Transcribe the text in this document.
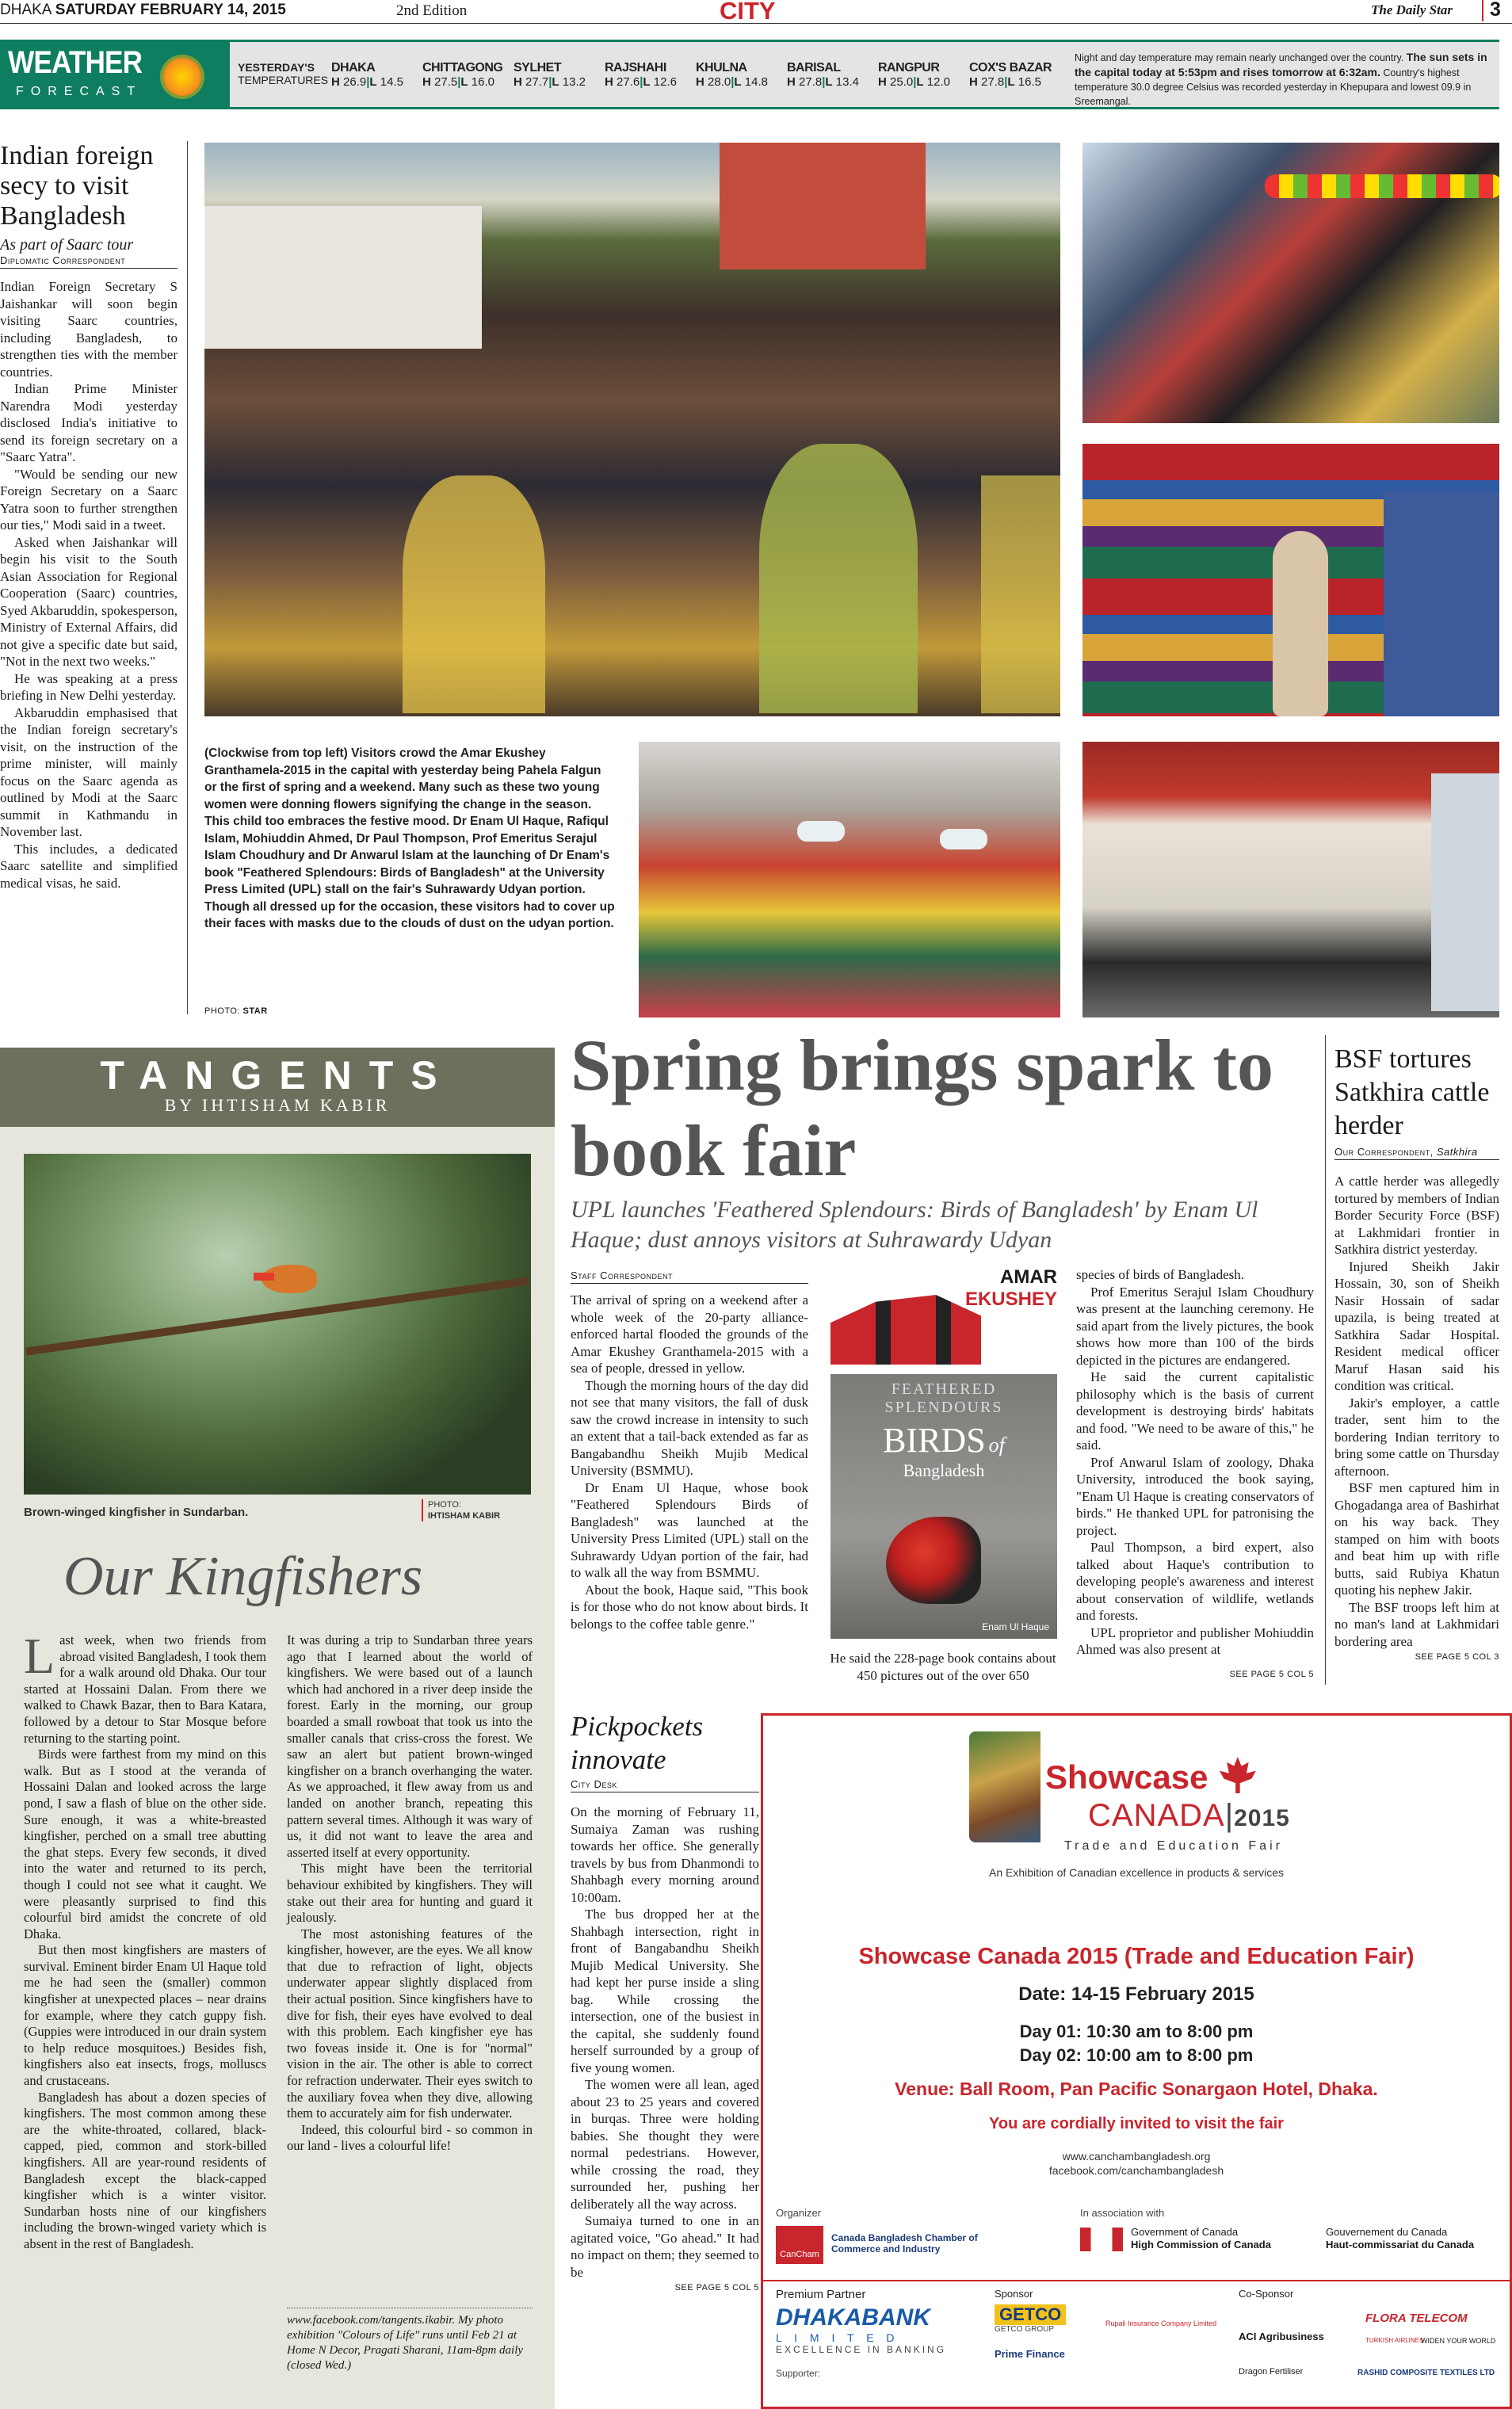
DHAKA SATURDAY FEBRUARY 14, 2015	2nd Edition	CITY	The Daily Star	3
WEATHER
FORECAST
YESTERDAY'S
TEMPERATURES
DHAKA
H 26.9|L 14.5
CHITTAGONG
H 27.5|L 16.0
SYLHET
H 27.7|L 13.2
RAJSHAHI
H 27.6|L 12.6
KHULNA
H 28.0|L 14.8
BARISAL
H 27.8|L 13.4
RANGPUR
H 25.0|L 12.0
COX'S BAZAR
H 27.8|L 16.5
Night and day temperature may remain nearly unchanged over the country. The sun sets in the capital today at 5:53pm and rises tomorrow at 6:32am. Country's highest temperature 30.0 degree Celsius was recorded yesterday in Khepupara and lowest 09.9 in Sreemangal.
Indian foreign secy to visit Bangladesh
As part of Saarc tour
Diplomatic Correspondent

Indian Foreign Secretary S Jaishankar will soon begin visiting Saarc countries, including Bangladesh, to strengthen ties with the member countries.

Indian Prime Minister Narendra Modi yesterday disclosed India's initiative to send its foreign secretary on a "Saarc Yatra".

"Would be sending our new Foreign Secretary on a Saarc Yatra soon to further strengthen our ties," Modi said in a tweet.

Asked when Jaishankar will begin his visit to the South Asian Association for Regional Cooperation (Saarc) countries, Syed Akbaruddin, spokesperson, Ministry of External Affairs, did not give a specific date but said, "Not in the next two weeks."

He was speaking at a press briefing in New Delhi yesterday.

Akbaruddin emphasised that the Indian foreign secretary's visit, on the instruction of the prime minister, will mainly focus on the Saarc agenda as outlined by Modi at the Saarc summit in Kathmandu in November last.

This includes, a dedicated Saarc satellite and simplified medical visas, he said.

(Clockwise from top left) Visitors crowd the Amar Ekushey Granthamela-2015 in the capital with yesterday being Pahela Falgun or the first of spring and a weekend. Many such as these two young women were donning flowers signifying the change in the season. This child too embraces the festive mood. Dr Enam Ul Haque, Rafiqul Islam, Mohiuddin Ahmed, Dr Paul Thompson, Prof Emeritus Serajul Islam Choudhury and Dr Anwarul Islam at the launching of Dr Enam's book "Feathered Splendours: Birds of Bangladesh" at the University Press Limited (UPL) stall on the fair's Suhrawardy Udyan portion. Though all dressed up for the occasion, these visitors had to cover up their faces with masks due to the clouds of dust on the udyan portion.
PHOTO: STAR
TANGENTS
BY IHTISHAM KABIR
Brown-winged kingfisher in Sundarban.
PHOTO:
IHTISHAM KABIR
Our Kingfishers

Last week, when two friends from abroad visited Bangladesh, I took them for a walk around old Dhaka. Our tour started at Hossaini Dalan. From there we walked to Chawk Bazar, then to Bara Katara, followed by a detour to Star Mosque before returning to the starting point.

Birds were farthest from my mind on this walk. But as I stood at the veranda of Hossaini Dalan and looked across the large pond, I saw a flash of blue on the other side. Sure enough, it was a white-breasted kingfisher, perched on a small tree abutting the ghat steps. Every few seconds, it dived into the water and returned to its perch, though I could not see what it caught. We were pleasantly surprised to find this colourful bird amidst the concrete of old Dhaka.

But then most kingfishers are masters of survival. Eminent birder Enam Ul Haque told me he had seen the (smaller) common kingfisher at unexpected places – near drains for example, where they catch guppy fish. (Guppies were introduced in our drain system to help reduce mosquitoes.) Besides fish, kingfishers also eat insects, frogs, molluscs and crustaceans.

Bangladesh has about a dozen species of kingfishers. The most common among these are the white-throated, collared, black-capped, pied, common and stork-billed kingfishers. All are year-round residents of Bangladesh except the black-capped kingfisher which is a winter visitor. Sundarban hosts nine of our kingfishers including the brown-winged variety which is absent in the rest of Bangladesh.

It was during a trip to Sundarban three years ago that I learned about the world of kingfishers. We were based out of a launch which had anchored in a river deep inside the forest. Early in the morning, our group boarded a small rowboat that took us into the smaller canals that criss-cross the forest. We saw an alert but patient brown-winged kingfisher on a branch overhanging the water. As we approached, it flew away from us and landed on another branch, repeating this pattern several times. Although it was wary of us, it did not want to leave the area and asserted itself at every opportunity.

This might have been the territorial behaviour exhibited by kingfishers. They will stake out their area for hunting and guard it jealously.

The most astonishing features of the kingfisher, however, are the eyes. We all know that due to refraction of light, objects underwater appear slightly displaced from their actual position. Since kingfishers have to dive for fish, their eyes have evolved to deal with this problem. Each kingfisher eye has two foveas inside it. One is for "normal" vision in the air. The other is able to correct for refraction underwater. Their eyes switch to the auxiliary fovea when they dive, allowing them to accurately aim for fish underwater.

Indeed, this colourful bird - so common in our land - lives a colourful life!

www.facebook.com/tangents.ikabir. My photo exhibition "Colours of Life" runs until Feb 21 at Home N Decor, Pragati Sharani, 11am-8pm daily (closed Wed.)
Spring brings spark to book fair
UPL launches 'Feathered Splendours: Birds of Bangladesh' by Enam Ul Haque; dust annoys visitors at Suhrawardy Udyan
Staff Correspondent

The arrival of spring on a weekend after a whole week of the 20-party alliance-enforced hartal flooded the grounds of the Amar Ekushey Granthamela-2015 with a sea of people, dressed in yellow.

Though the morning hours of the day did not see that many visitors, the fall of dusk saw the crowd increase in intensity to such an extent that a tail-back extended as far as Bangabandhu Sheikh Mujib Medical University (BSMMU).

Dr Enam Ul Haque, whose book "Feathered Splendours Birds of Bangladesh" was launched at the University Press Limited (UPL) stall on the Suhrawardy Udyan portion of the fair, had to walk all the way from BSMMU.

About the book, Haque said, "This book is for those who do not know about birds. It belongs to the coffee table genre."

AMAR
EKUSHEY
FEATHERED
SPLENDOURS
BIRDS of
Bangladesh
Enam Ul Haque
He said the 228-page book contains about 450 pictures out of the over 650

species of birds of Bangladesh.

Prof Emeritus Serajul Islam Choudhury was present at the launching ceremony. He said apart from the lively pictures, the book shows how more than 100 of the birds depicted in the pictures are endangered.

He said the current capitalistic philosophy which is the basis of current development is destroying birds' habitats and food. "We need to be aware of this," he said.

Prof Anwarul Islam of zoology, Dhaka University, introduced the book saying, "Enam Ul Haque is creating conservators of birds." He thanked UPL for patronising the project.

Paul Thompson, a bird expert, also talked about Haque's contribution to developing people's awareness and interest about conservation of wildlife, wetlands and forests.

UPL proprietor and publisher Mohiuddin Ahmed was also present at

SEE PAGE 5 COL 5
BSF tortures Satkhira cattle herder
Our Correspondent, Satkhira

A cattle herder was allegedly tortured by members of Indian Border Security Force (BSF) at Lakhmidari frontier in Satkhira district yesterday.

Injured Sheikh Jakir Hossain, 30, son of Sheikh Nasir Hossain of sadar upazila, is being treated at Satkhira Sadar Hospital. Resident medical officer Maruf Hasan said his condition was critical.

Jakir's employer, a cattle trader, sent him to the bordering Indian territory to bring some cattle on Thursday afternoon.

BSF men captured him in Ghogadanga area of Bashirhat on his way back. They stamped on him with boots and beat him up with rifle butts, said Rubiya Khatun quoting his nephew Jakir.

The BSF troops left him at no man's land at Lakhmidari bordering area

SEE PAGE 5 COL 3
Pickpockets innovate
City Desk

On the morning of February 11, Sumaiya Zaman was rushing towards her office. She generally travels by bus from Dhanmondi to Shahbagh every morning around 10:00am.

The bus dropped her at the Shahbagh intersection, right in front of Bangabandhu Sheikh Mujib Medical University. She had kept her purse inside a sling bag. While crossing the intersection, one of the busiest in the capital, she suddenly found herself surrounded by a group of five young women.

The women were all lean, aged about 23 to 25 years and covered in burqas. Three were holding babies. She thought they were normal pedestrians. However, while crossing the road, they surrounded her, pushing her deliberately all the way across.

Sumaiya turned to one in an agitated voice, "Go ahead." It had no impact on them; they seemed to be

SEE PAGE 5 COL 5
Showcase
CANADA|2015
Trade and Education Fair
An Exhibition of Canadian excellence in products & services
Showcase Canada 2015 (Trade and Education Fair)
Date: 14-15 February 2015
Day 01: 10:30 am to 8:00 pm
Day 02: 10:00 am to 8:00 pm
Venue: Ball Room, Pan Pacific Sonargaon Hotel, Dhaka.
You are cordially invited to visit the fair
www.canchambangladesh.org
facebook.com/canchambangladesh
Organizer
CanCham
Canada Bangladesh Chamber of Commerce and Industry
In association with
Government of Canada
High Commission of Canada
Gouvernement du Canada
Haut-commissariat du Canada
Premium Partner
DHAKABANK
L I M I T E D
EXCELLENCE IN BANKING
Supporter:
Sponsor
GETCO
GETCO GROUP
Rupali Insurance Company Limited
Prime Finance
Co-Sponsor
ACI Agribusiness
FLORA TELECOM
TURKISH AIRLINES
WIDEN YOUR WORLD
Dragon Fertiliser	RASHID COMPOSITE TEXTILES LTD
